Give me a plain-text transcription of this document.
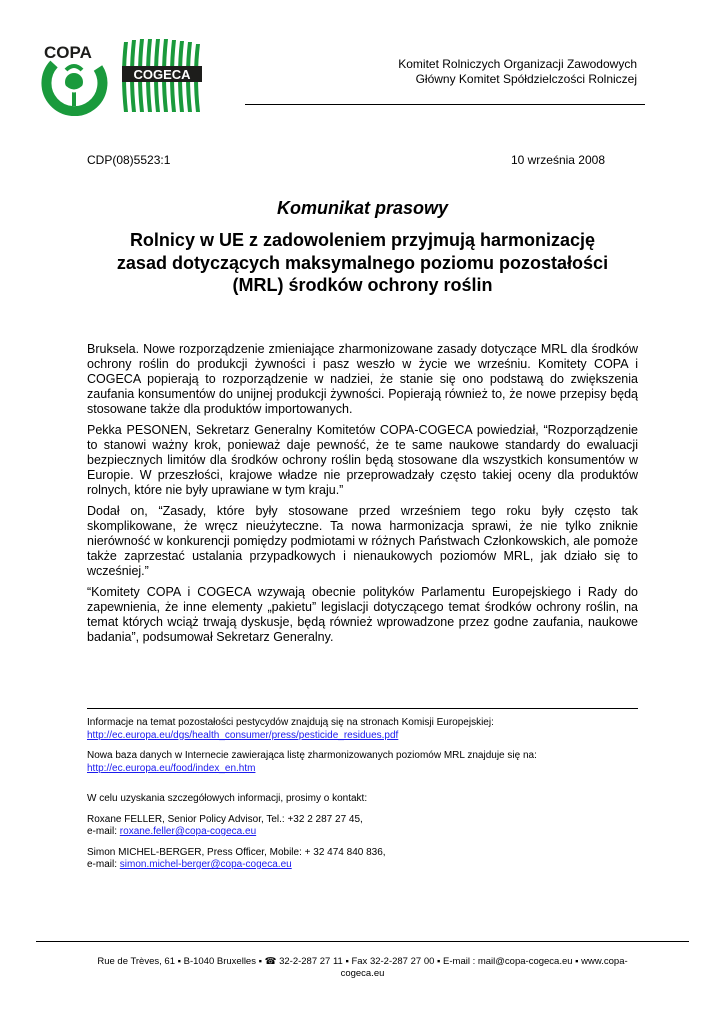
COPA
COGECA
Komitet Rolniczych Organizacji Zawodowych
Główny Komitet Spółdzielczości Rolniczej
CDP(08)5523:1	10 września 2008
Komunikat prasowy
Rolnicy w UE z zadowoleniem przyjmują harmonizację
zasad dotyczących maksymalnego poziomu pozostałości
(MRL) środków ochrony roślin

Bruksela. Nowe rozporządzenie zmieniające zharmonizowane zasady dotyczące MRL dla środków ochrony roślin do produkcji żywności i pasz weszło w życie we wrześniu. Komitety COPA i COGECA popierają to rozporządzenie w nadziei, że stanie się ono podstawą do zwiększenia zaufania konsumentów do unijnej produkcji żywności. Popierają również to, że nowe przepisy będą stosowane także dla produktów importowanych.

Pekka PESONEN, Sekretarz Generalny Komitetów COPA-COGECA powiedział, “Rozporządzenie to stanowi ważny krok, ponieważ daje pewność, że te same naukowe standardy do ewaluacji bezpiecznych limitów dla środków ochrony roślin będą stosowane dla wszystkich konsumentów w Europie. W przeszłości, krajowe władze nie przeprowadzały często takiej oceny dla produktów rolnych, które nie były uprawiane w tym kraju.”

Dodał on, “Zasady, które były stosowane przed wrześniem tego roku były często tak skomplikowane, że wręcz nieużyteczne. Ta nowa harmonizacja sprawi, że nie tylko zniknie nierówność w konkurencji pomiędzy podmiotami w różnych Państwach Członkowskich, ale pomoże także zaprzestać ustalania przypadkowych i nienaukowych poziomów MRL, jak działo się to wcześniej.”

“Komitety COPA i COGECA wzywają obecnie polityków Parlamentu Europejskiego i Rady do zapewnienia, że inne elementy „pakietu” legislacji dotyczącego temat środków ochrony roślin, na temat których wciąż trwają dyskusje, będą również wprowadzone przez godne zaufania, naukowe badania”, podsumował Sekretarz Generalny.

Informacje na temat pozostałości pestycydów znajdują się na stronach Komisji Europejskiej:
http://ec.europa.eu/dgs/health_consumer/press/pesticide_residues.pdf

Nowa baza danych w Internecie zawierająca listę zharmonizowanych poziomów MRL znajduje się na:
http://ec.europa.eu/food/index_en.htm

W celu uzyskania szczegółowych informacji, prosimy o kontakt:

Roxane FELLER, Senior Policy Advisor, Tel.: +32 2 287 27 45,
e-mail: roxane.feller@copa-cogeca.eu

Simon MICHEL-BERGER, Press Officer, Mobile: + 32 474 840 836,
e-mail: simon.michel-berger@copa-cogeca.eu

Rue de Trèves, 61 ▪ B-1040 Bruxelles ▪ ☎ 32-2-287 27 11 ▪ Fax 32-2-287 27 00 ▪ E-mail : mail@copa-cogeca.eu ▪ www.copa-
cogeca.eu
